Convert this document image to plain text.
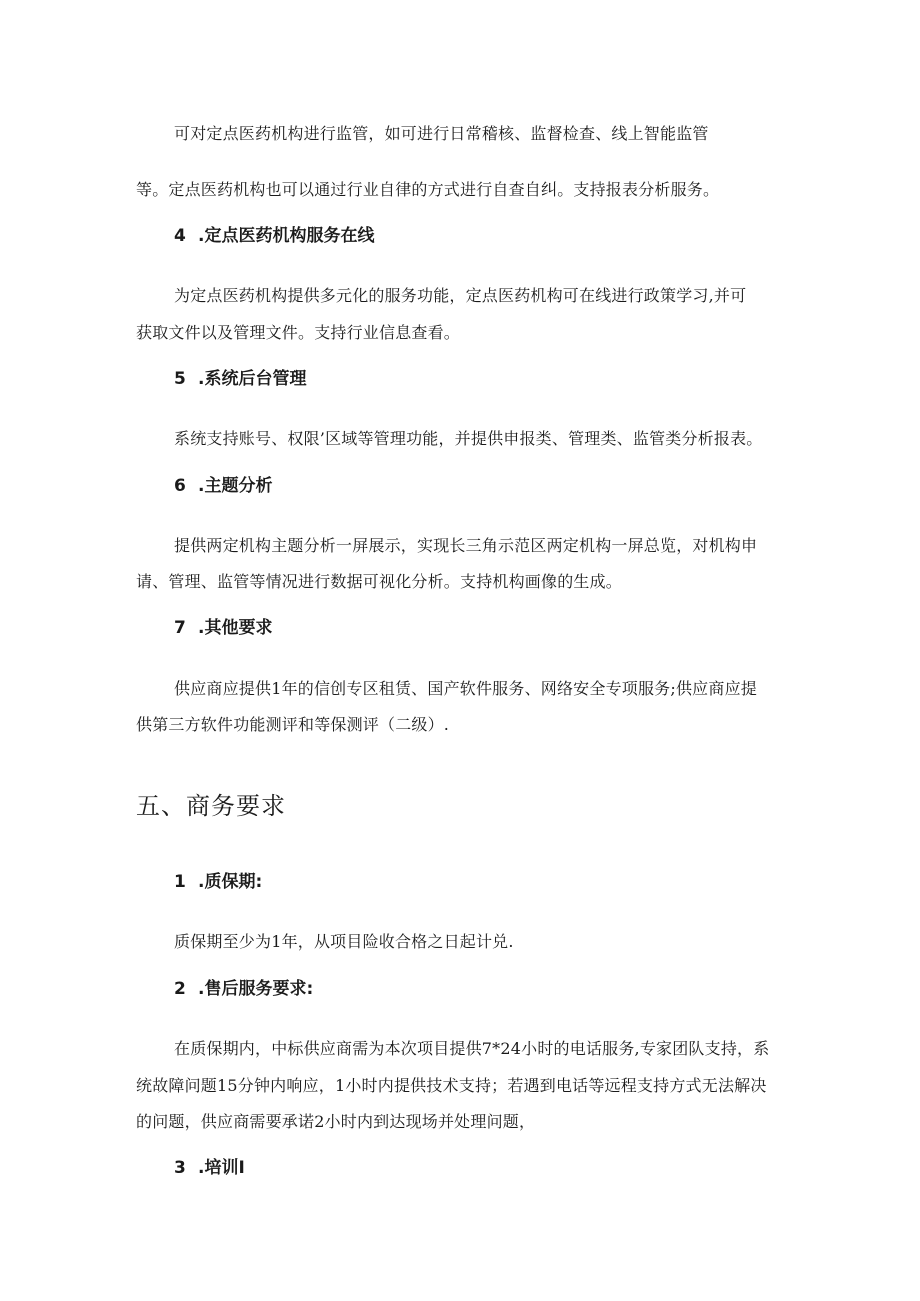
可对定点医药机构进行监管，如可进行日常稽核、监督检查、线上智能监管
等。定点医药机构也可以通过行业自律的方式进行自查自纠。支持报表分析服务。
4 .定点医药机构服务在线
为定点医药机构提供多元化的服务功能，定点医药机构可在线进行政策学习,并可
获取文件以及管理文件。支持行业信息查看。
5 .系统后台管理
系统支持账号、权限’区域等管理功能，并提供申报类、管理类、监管类分析报表。
6 .主题分析
提供两定机构主题分析一屏展示，实现长三角示范区两定机构一屏总览，对机构申
请、管理、监管等情况进行数据可视化分析。支持机构画像的生成。
7 .其他要求
供应商应提供1年的信创专区租赁、国产软件服务、网络安全专项服务;供应商应提
供第三方软件功能测评和等保测评（二级）.
五、商务要求
1 .质保期:
质保期至少为1年，从项目险收合格之日起计兑.
2 .售后服务要求:
在质保期内，中标供应商需为本次项目提供7*24小时的电话服务,专家团队支持，系
统故障问题15分钟内响应，1小时内提供技术支持；若遇到电话等远程支持方式无法解决
的问题，供应商需要承诺2小时内到达现场并处理问题，
3 .培训I
